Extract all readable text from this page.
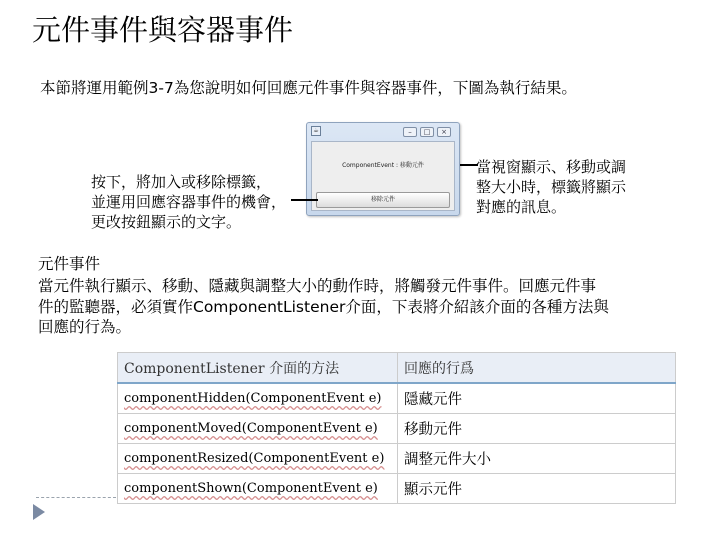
元件事件與容器事件
本節將運用範例3-7為您說明如何回應元件事件與容器事件，下圖為執行結果。
☕	–	□	×
ComponentEvent : 移動元件
移除元件
按下，將加入或移除標籤，
並運用回應容器事件的機會，
更改按鈕顯示的文字。
當視窗顯示、移動或調
整大小時，標籤將顯示
對應的訊息。
元件事件
當元件執行顯示、移動、隱藏與調整大小的動作時，將觸發元件事件。回應元件事
件的監聽器，必須實作ComponentListener介面，下表將介紹該介面的各種方法與
回應的行為。
ComponentListener 介面的方法	回應的行爲
componentHidden(ComponentEvent e)	隱藏元件
componentMoved(ComponentEvent e)	移動元件
componentResized(ComponentEvent e)	調整元件大小
componentShown(ComponentEvent e)	顯示元件
